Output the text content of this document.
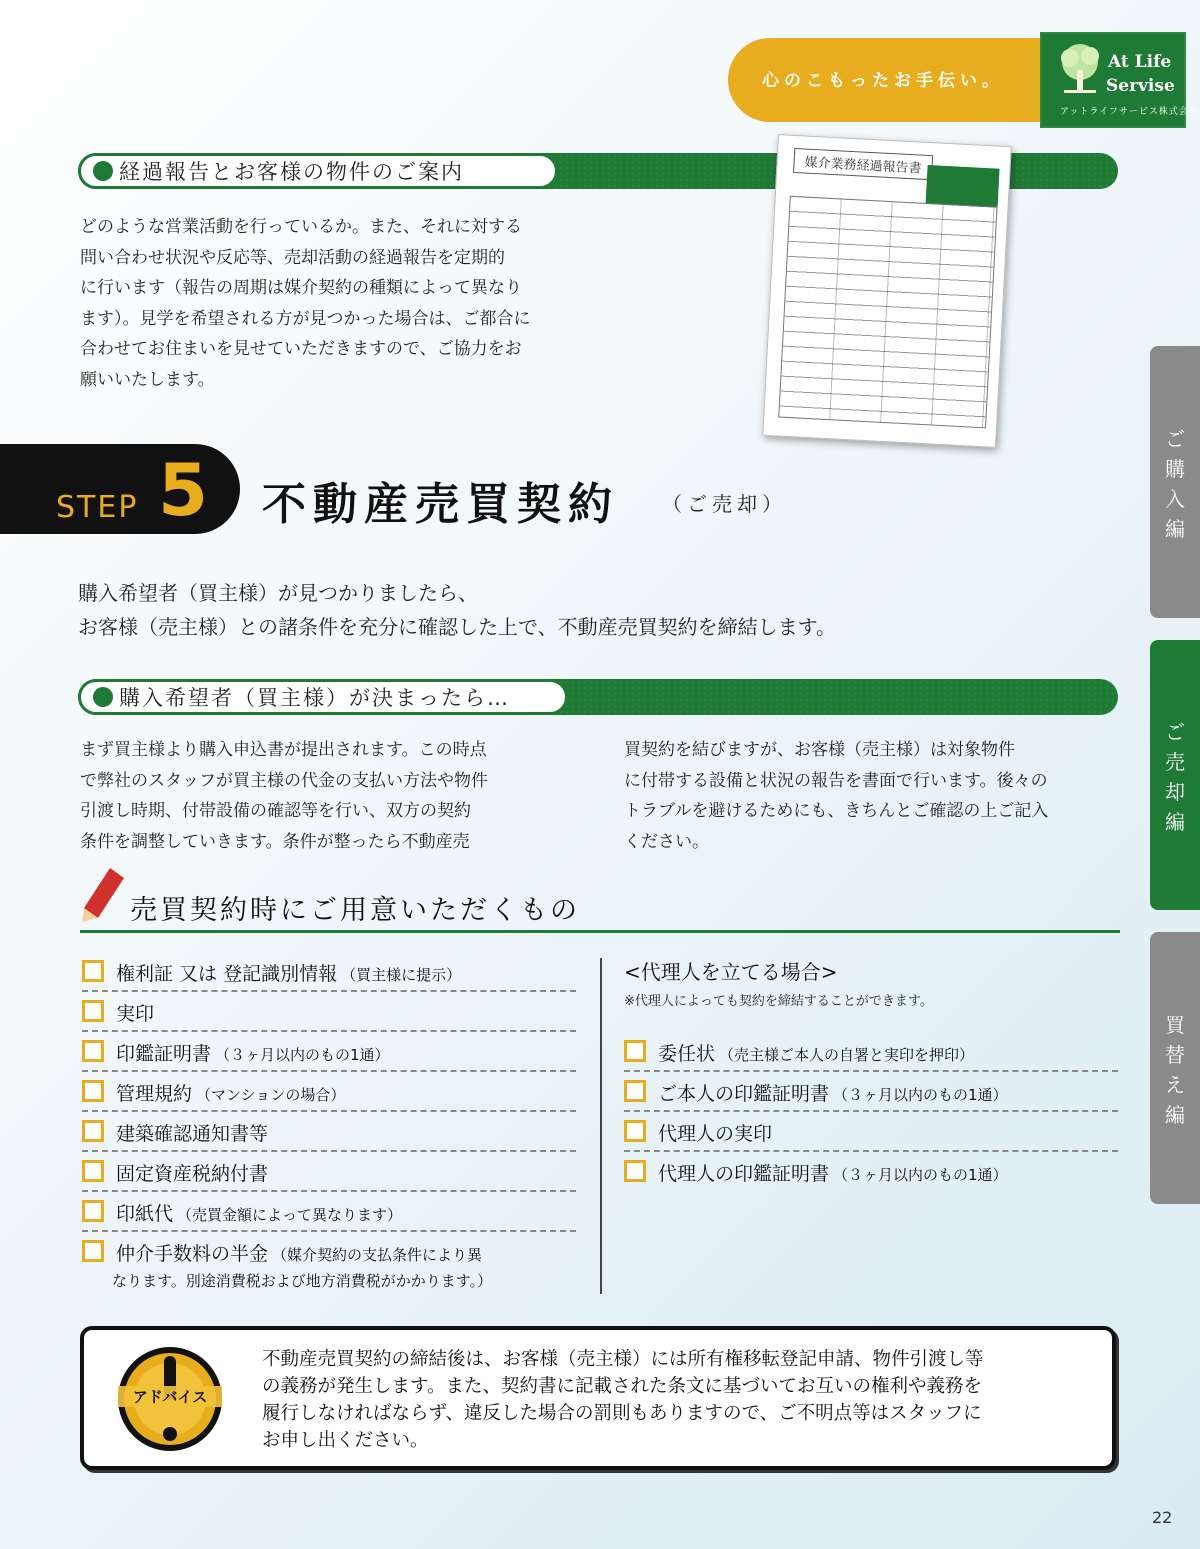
心のこもったお手伝い。
At Life
Servise
アットライフサービス株式会社
経過報告とお客様の物件のご案内
どのような営業活動を行っているか。また、それに対する
問い合わせ状況や反応等、売却活動の経過報告を定期的
に行います（報告の周期は媒介契約の種類によって異なり
ます）。見学を希望される方が見つかった場合は、ご都合に
合わせてお住まいを見せていただきますので、ご協力をお
願いいたします。
媒介業務経過報告書
STEP 5 不動産売買契約 （ご売却）
購入希望者（買主様）が見つかりましたら、
お客様（売主様）との諸条件を充分に確認した上で、不動産売買契約を締結します。
購入希望者（買主様）が決まったら…
まず買主様より購入申込書が提出されます。この時点
で弊社のスタッフが買主様の代金の支払い方法や物件
引渡し時期、付帯設備の確認等を行い、双方の契約
条件を調整していきます。条件が整ったら不動産売
買契約を結びますが、お客様（売主様）は対象物件
に付帯する設備と状況の報告を書面で行います。後々の
トラブルを避けるためにも、きちんとご確認の上ご記入
ください。
売買契約時にご用意いただくもの
権利証 又は 登記識別情報 （買主様に提示）
実印
印鑑証明書 （３ヶ月以内のもの1通）
管理規約 （マンションの場合）
建築確認通知書等
固定資産税納付書
印紙代 （売買金額によって異なります）
仲介手数料の半金 （媒介契約の支払条件により異
なります。別途消費税および地方消費税がかかります。）
<代理人を立てる場合>
※代理人によっても契約を締結することができます。
委任状 （売主様ご本人の自署と実印を押印）
ご本人の印鑑証明書 （３ヶ月以内のもの1通）
代理人の実印
代理人の印鑑証明書 （３ヶ月以内のもの1通）
アドバイス
不動産売買契約の締結後は、お客様（売主様）には所有権移転登記申請、物件引渡し等
の義務が発生します。また、契約書に記載された条文に基づいてお互いの権利や義務を
履行しなければならず、違反した場合の罰則もありますので、ご不明点等はスタッフに
お申し出ください。
ご
購
入
編
ご
売
却
編
買
替
え
編
22
